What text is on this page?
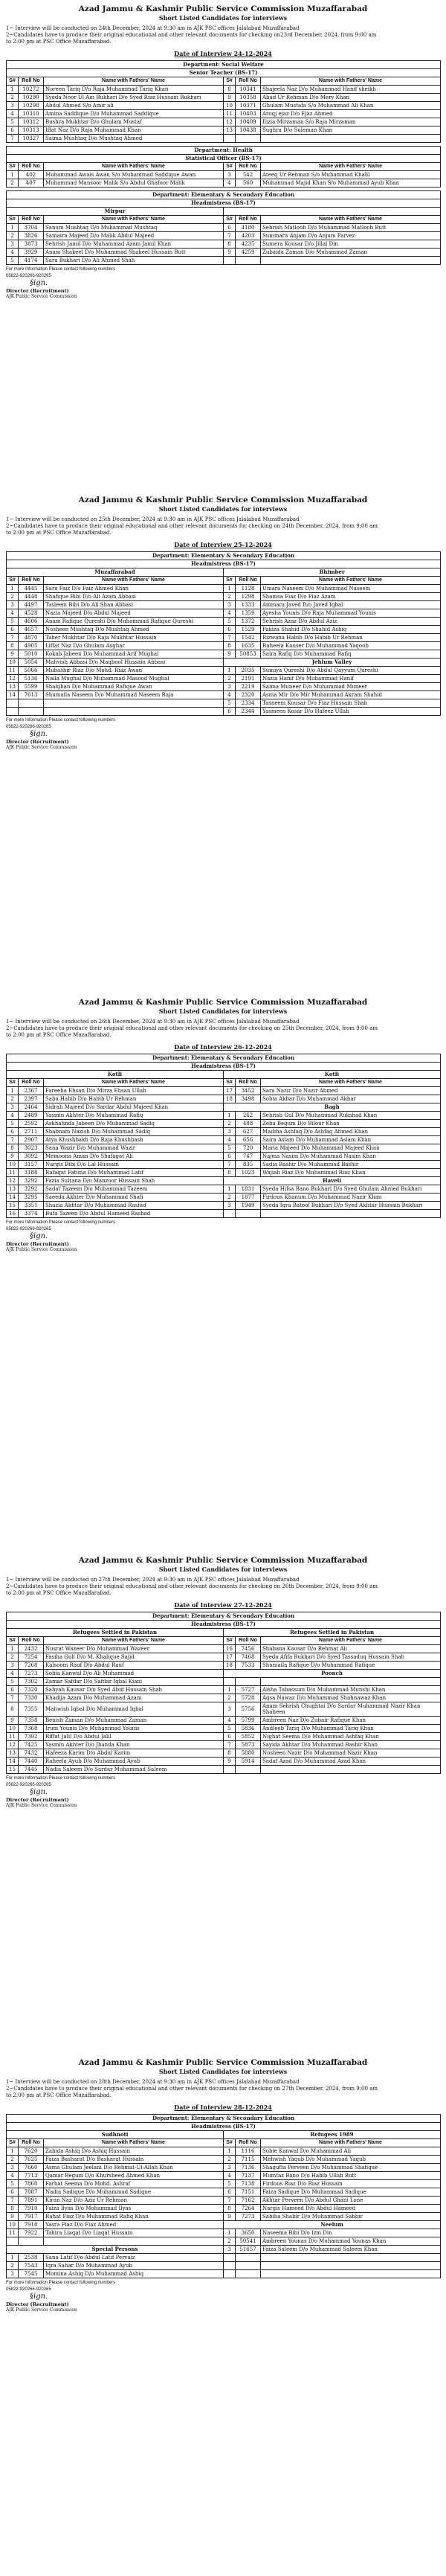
Azad Jammu & Kashmir Public Service Commission Muzaffarabad
Short Listed Candidates for interviews
1~ Interview will be conducted on 24th December, 2024 at 9:30 am in AJK PSC offices Jalalabad Muzaffarabad
2~Candidates have to produce their original educational and other relevant documents for checking on23rd December, 2024, from 9:00 am
to 2:00 pm at PSC Office Muzaffarabad.
Date of Interview 24-12-2024
Department: Social Welfare					
Senior Teacher (BS-17)					
S#	Roll No	Name with Fathers' Name	S#	Roll No	Name with Fathers' Name
1	10272	Noreen Tariq D/o Raja Muhammad Tariq Khan	8	10341	Shajeela Naz D/o Muhammad Hanif sheikh
2	10290	Syeda Noor Ul Ain Bukhari D/o Syed Riaz Hussain Bukhari	9	10358	Abad Ur Rehman D/o Mery Khan
3	10298	Abdul Ahmed S/o Amir ali	10	10371	Ghulam Mustafa S/o Muhammad Ali Khan
4	10310	Amina Saddique D/o Muhammad Saddique	11	10403	Aroqj ejaz D/o Ejaz Ahmed
5	10312	Bushra Mukhtar D/o Ghulam Mustaf	12	10409	Ilizia Mirzaman S/o Raja Mirzaman
6	10313	Iffat Naz D/o Raja Muhammad Khan	13	10438	Sughra D/o Suleman Khan
7	10327	Saima Mushtaq D/o Mushtaq Ahmed			
Department: Health					
Statistical Officer (BS-17)					
S#	Roll No	Name with Fathers' Name	S#	Roll No	Name with Fathers' Name
1	402	Muhammad Awais Awan S/o Muhammad Saddique Awan	3	542	Ateeq Ur Rehman S/o Muhammad Khalil
2	407	Muhammad Mansoor Malik S/o Abdul Ghafoor Malik	4	560	Muhammad Majid Khan S/o Muhammad Ayub Khan
Department: Elementary & Secondary Education					
Headmistress (BS-17)					
Mirpur					
S#	Roll No	Name with Fathers' Name	S#	Roll No	Name with Fathers' Name
1	3704	Sanum Mushtaq D/o Muhammad Mushtaq	6	4180	Sehrish Matloob D/o Muhammad Matloob Butt
2	3826	Samaira Majeed D/o Malik Abdul Majeed	7	4203	Summara Anjam D/o Anjum Parvez
3	3873	Sehrish Jamil D/o Muhammad Azam Jamil Khan	8	4235	Sumera Kousar D/o Jillal Din
4	3929	Anam Shakeel D/o Muhammad Shakeel Hussain Butt	9	4259	Zubaida Zaman D/o Muhammad Zaman
5	4174	Sara Bukhari D/o Ali Ahmed Shah			
For more Information Please contact following numbers
05822-920266-920265
§ign.
Director (Recruitment)
AJK Public Service Commission
Azad Jammu & Kashmir Public Service Commission Muzaffarabad
Short Listed Candidates for interviews
1~ Interview will be conducted on 25th December, 2024 at 9:30 am in AJK PSC offices Jalalabad Muzaffarabad
2~Candidates have to produce their original educational and other relevant documents for checking on 24th December, 2024, from 9:00 am
to 2:00 pm at PSC Office Muzaffarabad.
Date of Interview 25-12-2024
Department: Elementary & Secondary Education					
Headmistress (BS-17)					
Muzaffarabad			Bhimber		
S#	Roll No	Name with Fathers' Name	S#	Roll No	Name with Fathers' Name
1	4445	Sara Faiz D/o Faiz Ahmed Khan	1	1128	Umara Naseem D/o Muhammad Naseem
2	4448	Shafique Bibi D/o Ali Azam Abbasi	2	1298	Shamsa Fiaz D/o Fiaz Azam
3	4497	Tasleem Bibi D/o Ali Shan Abbasi	3	1333	Ammara Javed D/o Javed Iqbal
4	4528	Nazia Majeed D/o Abdul Majeed	4	1359	Ayesha Younis D/o Raja Muhammad Younis
5	4606	Anam Rafique Qureshi D/o Muhammad Rafique Qureshi	5	1372	Sehrish Azaz D/o Abdul Aziz
6	4657	Nosheen Mushtaq D/o Mushtaq Ahmed	6	1529	Pakiza Shahid D/o Shahid Ashiq
7	4870	Taher Mukhtar D/o Raja Mukhtar Hussain	7	1542	Rizwana Habib D/o Habib Ur Rehman
8	4905	Liffat Naz D/o Ghulam Asghar	8	1635	Raheela Kauser D/o Muhammad Yaqoob
9	5010	Kokab Jabeen D/o Muhammad Arif Mughal	9	50853	Saira Rafiq D/o Muhammad Rafiq
10	5054	Mahvish Abbasi D/o Maqbool Hussain Abbasi	Jehlum Valley		
11	5066	Mubashir Riaz D/o Mohd. Riaz Awan	1	2035	Sumiya Qureshi D/o Abdul Qayyum Qureshi
12	5136	Naila Mughal D/o Muhammad Masood Mughal	2	2191	Nazia Hanif D/o Muhammad Hanif
13	5599	Shahjhan D/o Muhammad Rafique Awan	3	2219	Saima Muneer D/o Muhammad Muneer
14	7613	Shumaila Naseem D/o Muhammad Naseem Raja	4	2320	Asma Mir D/o Mir Muhammad Akram Shahid
			5	2334	Tasneem Kousar D/o Fiaz Hussain Shah
			6	2344	Yasmeen Kosar D/o Hafeez Ullah
For more Information Please contact following numbers
05822-920266-920265
§ign.
Director (Recruitment)
AJK Public Service Commission
Azad Jammu & Kashmir Public Service Commission Muzaffarabad
Short Listed Candidates for interviews
1~ Interview will be conducted on 26th December, 2024 at 9:30 am in AJK PSC offices Jalalabad Muzaffarabad
2~Candidates have to produce their original educational and other relevant documents for checking on 25th December, 2024, from 9:00 am
to 2:00 pm at PSC Office Muzaffarabad.
Date of Interview 26-12-2024
Department: Elementary & Secondary Education					
Headmistress (BS-17)					
Kotli			Kotli		
S#	Roll No	Name with Fathers' Name	S#	Roll No	Name with Fathers' Name
1	2367	Fareeha Ehsan D/o Mirza Ehsan Ullah	17	3452	Sara Nazir D/o Nazir Ahmed
2	2397	Saba Habib D/o Habib Ur Rehman	18	3498	Sobia Akbar D/o Muhammad Akbar
3	2464	Sidrah Majeed D/o Sardar Abdul Majeed Khan	Bagh		
4	2489	Yasmin Akhter D/o Muhammad Rafiq	1	262	Sehrish Gul D/o Muhammad Rukshad Khan
5	2592	Askhahnda Jabeen D/o Muhammad Sadiq	2	488	Zeba Begum D/o Bilour Khan
6	2711	Shabnam Nazish D/o Muhammad Sadiq	3	627	Madiha Ashfaq D/o Ashfaq Ahmed Khan
7	2907	Atya Khushbakh D/o Raja Khushbash	4	656	Saira Aslam D/o Muhammad Aslam Khan
8	3023	Sana Wazir D/o Muhammad Wazir	5	720	Maria Majeed D/o Muhammad Majeed Khan
9	3092	Memoona Aman D/o Shafagat Ali	6	747	Najma Nasim D/o Muhammad Nasim Khan
10	3157	Nargis Bibi D/o Lal Hussain	7	835	Sadia Bashir D/o Muhammad Bashir
11	3188	Rafaqat Fatima D/o Muhammad Latif	8	1023	Wajiah Riaz D/o Muhammad Riaz Khan
12	3292	Fazia Sultana D/o Manzoor Hussain Shah	Haveli		
13	3292	Sadaf Tazeem D/o Muhammad Tazeem	1	1831	Syeda Hifsa Bano Bukhari D/o Syed Ghulam Ahmed Bukhari
14	3295	Saeeda Akhter D/o Muhammad Shafi	2	1877	Firdous Khanum D/o Muhammad Nazir Khan
15	3351	Shazia Akhtar D/o Muhammad Rashid	3	1949	Syeda Iqra Batool Bukhari D/o Syed Akhtar Hussain Bukhari
16	3374	Bufa Tazeen D/o Abdul Hameed Rashad			
For more Information Please contact following numbers
05822-920266-920265
§ign.
Director (Recruitment)
AJK Public Service Commission
Azad Jammu & Kashmir Public Service Commission Muzaffarabad
Short Listed Candidates for interviews
1~ Interview will be conducted on 27th December, 2024 at 9:30 am in AJK PSC offices Jalalabad Muzaffarabad
2~Candidates have to produce their original educational and other relevant documents for checking on 26th December, 2024, from 9:00 am
to 2:00 pm at PSC Office Muzaffarabad.
Date of Interview 27-12-2024
Department: Elementary & Secondary Education					
Headmistress (BS-17)					
Refugees Settled in Pakistan			Refugees Settled in Pakistan		
S#	Roll No	Name with Fathers' Name	S#	Roll No	Name with Fathers' Name
1	2432	Nusrat Wazeer D/o Muhammad Wazeer	16	7456	Shabana Kausar D/o Rehmat Ali
2	7254	Fasiha Gull D/o M. Khalique Sajid	17	7468	Syeda Afifa Bukhari D/o Syed Tassaduq Hussain Shah
3	7268	Kalsoom Rauf D/o Abdul Rauf	18	7533	Shumaila Rafique D/o Muhammad Rafique
4	7273	Sobia Kanwal D/o Ali Muhammad	Poonch		
5	7302	Zamar Safdar D/o Safdar Iqbal Kiani			
6	7320	Sahyah Kausar D/o Syed Abid Hussain Shah	1	5727	Aisha Tabassum D/o Muhammad Munshi Khan
7	7330	Khadija Azam D/o Muhammad Azam	2	5728	Aqsa Nawaz D/o Muhammad Shahnawaz Khan
8	7355	Mahwish Iqbal D/o Muhammad Iqbal	3	5756	Anam Sehrish Chughtai D/o Sardar Muhammad Nazir Khan Shaheen
9	7358	Benish Zaman D/o Muhammad Zaman	4	5799	Ambreen Naz D/o Zubair Rafique Khan
10	7368	Irum Younis D/o Muhammad Younis	5	5836	Andleeb Tariq D/o Muhammad Tariq Khan
11	7392	Riffat Jalil D/o Abdul Jalil	6	5852	Nighat Seema D/o Muhammad Ashfaq Khan
12	7425	Yasmin Akhter D/o Jhanda Khan	7	5873	Sayida Akhtar D/o Muhammad Bashir Khan
13	7432	Hafeeza Karim D/o Abdul Karim	8	5880	Nosheen Nazir D/o Muhammad Nazir Khan
14	7440	Raheela Ayub D/o Muhammad Ayub	9	5914	Sadaf Azad D/o Muhammad Azad Khan
15	7445	Nadia Saleem D/o Sardar Muhammad Saleem			
For more Information Please contact following numbers
05822-920266-920265
§ign.
Director (Recruitment)
AJK Public Service Commission
Azad Jammu & Kashmir Public Service Commission Muzaffarabad
Short Listed Candidates for interviews
1~ Interview will be conducted on 28th December, 2024 at 9:30 am in AJK PSC offices Jalalabad Muzaffarabad
2~Candidates have to produce their original educational and other relevant documents for checking on 27th December, 2024, from 9:00 am
to 2:00 pm at PSC Office Muzaffarabad.
Date of Interview 28-12-2024
Department: Elementary & Secondary Education					
Headmistress (BS-17)					
Sudhnoti			Refugees 1989		
S#	Roll No	Name with Fathers' Name	S#	Roll No	Name with Fathers' Name
1	7620	Zahida Ashiq D/o Ashiq Hussain	1	1116	Sobie Kanwal D/o Muhammad Ali
2	7625	Faiza Basharat D/o Basharat Hussain	2	7115	Mehwish Yaqub D/o Muhammad Yaqub
3	7660	Asma Ghulam Jeelani D/o Rehmat-Ul-Allah Khan	3	7136	Shagufta Perveen D/o Muhammad Shafique
4	7713	Qamar Begum D/o Khursheed Ahmed Khan	4	7137	Mumtaz Bano D/o Habib Ullah Butt
5	7860	Farhat Seema D/o Mohd. Ashraf	5	7138	Firdous Riaz D/o Riaz Hussain
6	7887	Nadia Sadique D/o Muhammad Sadique	6	7151	Faiza Sadique D/o Muhammad Sadique
7	7891	Kiran Naz D/o Aziz Ur Rehman	7	7162	Akhtar Perveen D/o Abdul Ghani Lone
8	7910	Faiza Ilyas D/o Mohammad Ilyas	8	7264	Nargis Hameed D/o Abdul Hameed
9	7917	Rahat Fiaz D/o Muhammad Rafiq Khan	9	7273	Sabiha Shabir D/o Muhammad Sabbir
10	7918	Yasra Fiaz D/o Fiaz Ahmed	Neelum		
11	7922	Tahira Liaqat D/o Liaqat Hussain	1	3650	Naseema Bibi D/o Izm Din
			2	50541	Ambreen Younas D/o Muhammad Younas Khan
Special Persons			3	51657	Faiza Saleem D/o Muhammad Saleem Khan
1	2538	Sana Latif D/o Abdul Latif Pervaiz			
2	7543	Iqra Sahar D/o Muhammad Ayub			
3	7545	Momina Ashiq D/o Muhammad Ashiq			
For more Information Please contact following numbers
05822-920266-920265
§ign.
Director (Recruitment)
AJK Public Service Commission
